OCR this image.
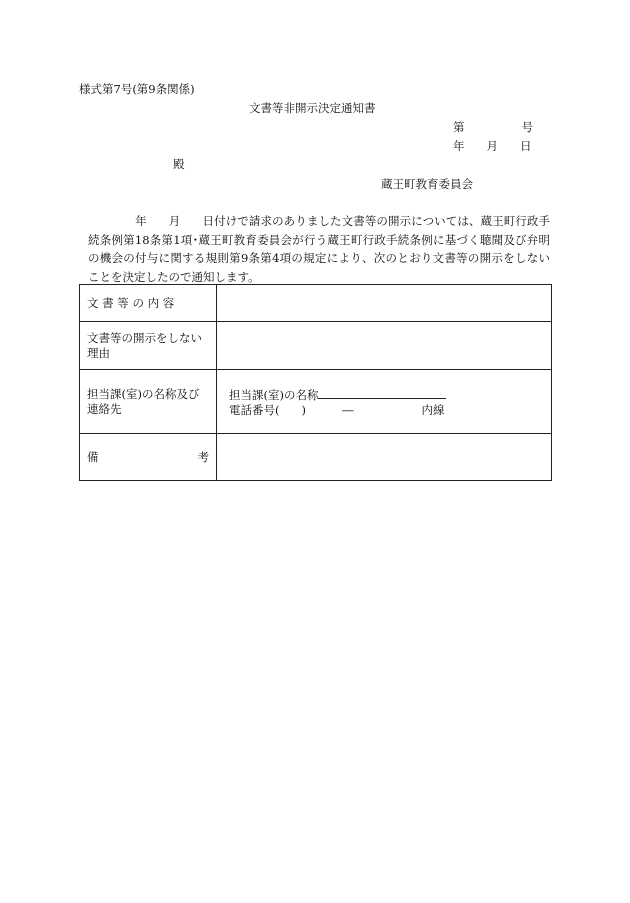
様式第7号(第9条関係)
文書等非開示決定通知書
第	号
年 月 日
殿
蔵王町教育委員会
年 月 日付けで請求のありました文書等の開示については、蔵王町行政手続条例第18条第1項･蔵王町教育委員会が行う蔵王町行政手続条例に基づく聴聞及び弁明の機会の付与に関する規則第9条第4項の規定により、次のとおり文書等の開示をしないことを決定したので通知します。
文 書 等 の 内 容	
文書等の開示をしない理由	
担当課(室)の名称及び連絡先	担当課(室)の名称
電話番号( ) ― 内線

備 考	
